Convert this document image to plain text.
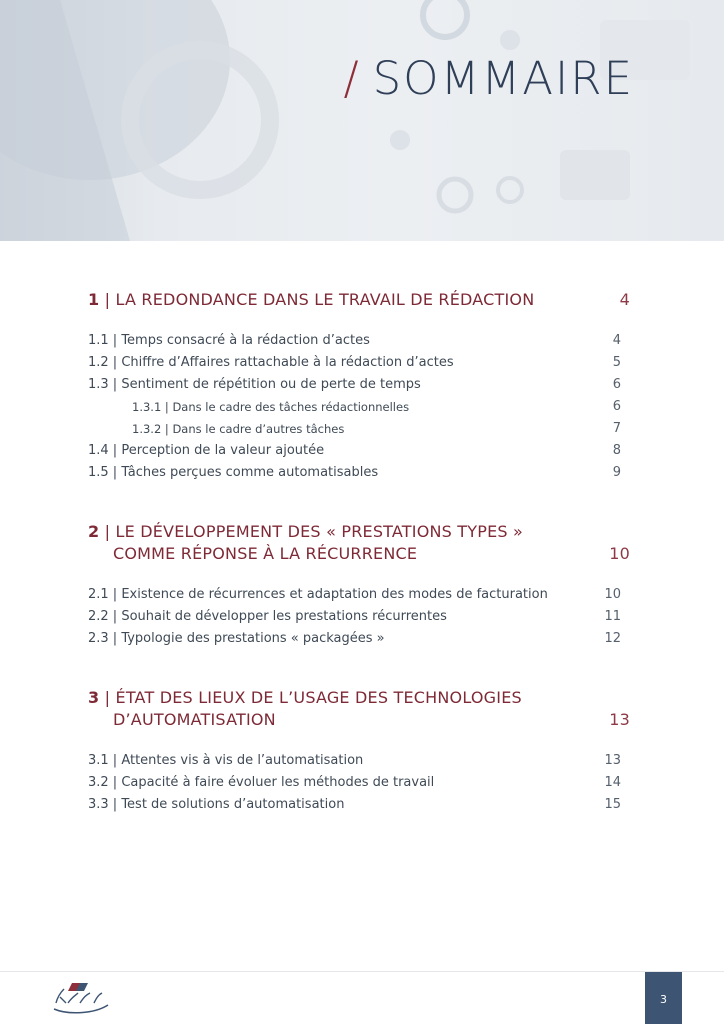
/ SOMMAIRE
1 | LA REDONDANCE DANS LE TRAVAIL DE RÉDACTION	4
1.1 | Temps consacré à la rédaction d’actes	4
1.2 | Chiffre d’Affaires rattachable à la rédaction d’actes	5
1.3 | Sentiment de répétition ou de perte de temps	6
1.3.1 | Dans le cadre des tâches rédactionnelles	6
1.3.2 | Dans le cadre d’autres tâches	7
1.4 | Perception de la valeur ajoutée	8
1.5 | Tâches perçues comme automatisables	9
2 | LE DÉVELOPPEMENT DES « PRESTATIONS TYPES »
COMME RÉPONSE À LA RÉCURRENCE	10
2.1 | Existence de récurrences et adaptation des modes de facturation	10
2.2 | Souhait de développer les prestations récurrentes	11
2.3 | Typologie des prestations « packagées »	12
3 | ÉTAT DES LIEUX DE L’USAGE DES TECHNOLOGIES
D’AUTOMATISATION	13
3.1 | Attentes vis à vis de l’automatisation	13
3.2 | Capacité à faire évoluer les méthodes de travail	14
3.3 | Test de solutions d’automatisation	15
3
